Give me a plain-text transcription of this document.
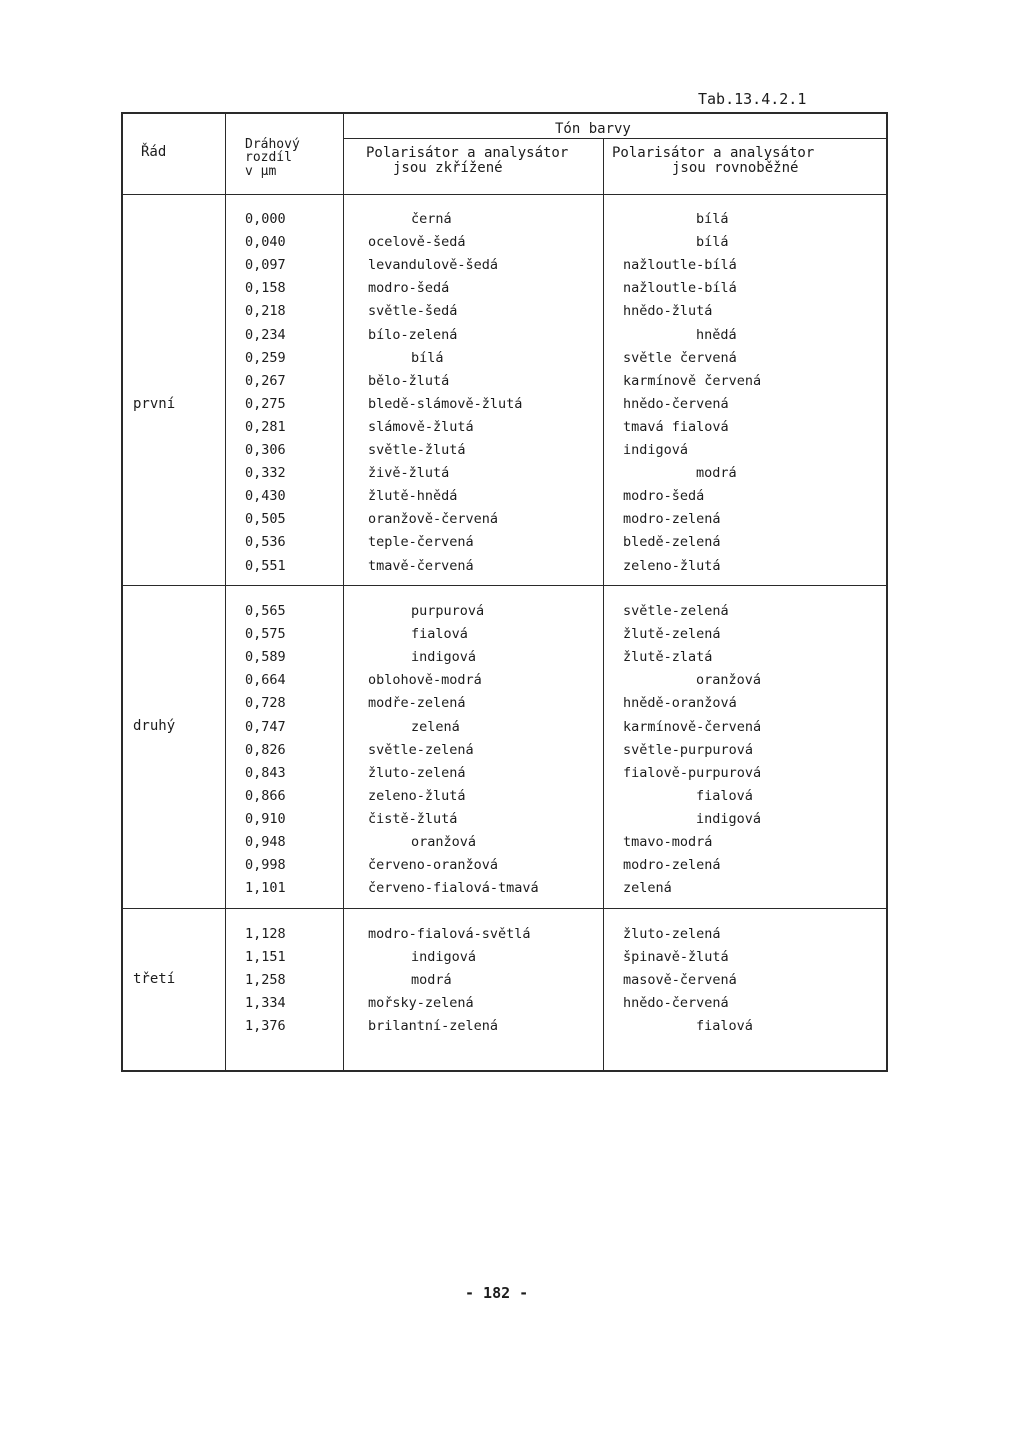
Tab.13.4.2.1
Řád	Dráhový
rozdíl
v µm
Tón barvy
Polarisátor a analysátor
jsou zkřížené
Polarisátor a analysátor
jsou rovnoběžné
první
0,000	černá	bílá
0,040	ocelově-šedá	bílá
0,097	levandulově-šedá	nažloutle-bílá
0,158	modro-šedá	nažloutle-bílá
0,218	světle-šedá	hnědo-žlutá
0,234	bílo-zelená	hnědá
0,259	bílá	světle červená
0,267	bělo-žlutá	karmínově červená
0,275	bledě-slámově-žlutá	hnědo-červená
0,281	slámově-žlutá	tmavá fialová
0,306	světle-žlutá	indigová
0,332	živě-žlutá	modrá
0,430	žlutě-hnědá	modro-šedá
0,505	oranžově-červená	modro-zelená
0,536	teple-červená	bledě-zelená
0,551	tmavě-červená	zeleno-žlutá
druhý
0,565	purpurová	světle-zelená
0,575	fialová	žlutě-zelená
0,589	indigová	žlutě-zlatá
0,664	oblohově-modrá	oranžová
0,728	modře-zelená	hnědě-oranžová
0,747	zelená	karmínově-červená
0,826	světle-zelená	světle-purpurová
0,843	žluto-zelená	fialově-purpurová
0,866	zeleno-žlutá	fialová
0,910	čistě-žlutá	indigová
0,948	oranžová	tmavo-modrá
0,998	červeno-oranžová	modro-zelená
1,101	červeno-fialová-tmavá	zelená
třetí
1,128	modro-fialová-světlá	žluto-zelená
1,151	indigová	špinavě-žlutá
1,258	modrá	masově-červená
1,334	mořsky-zelená	hnědo-červená
1,376	brilantní-zelená	fialová
- 182 -
